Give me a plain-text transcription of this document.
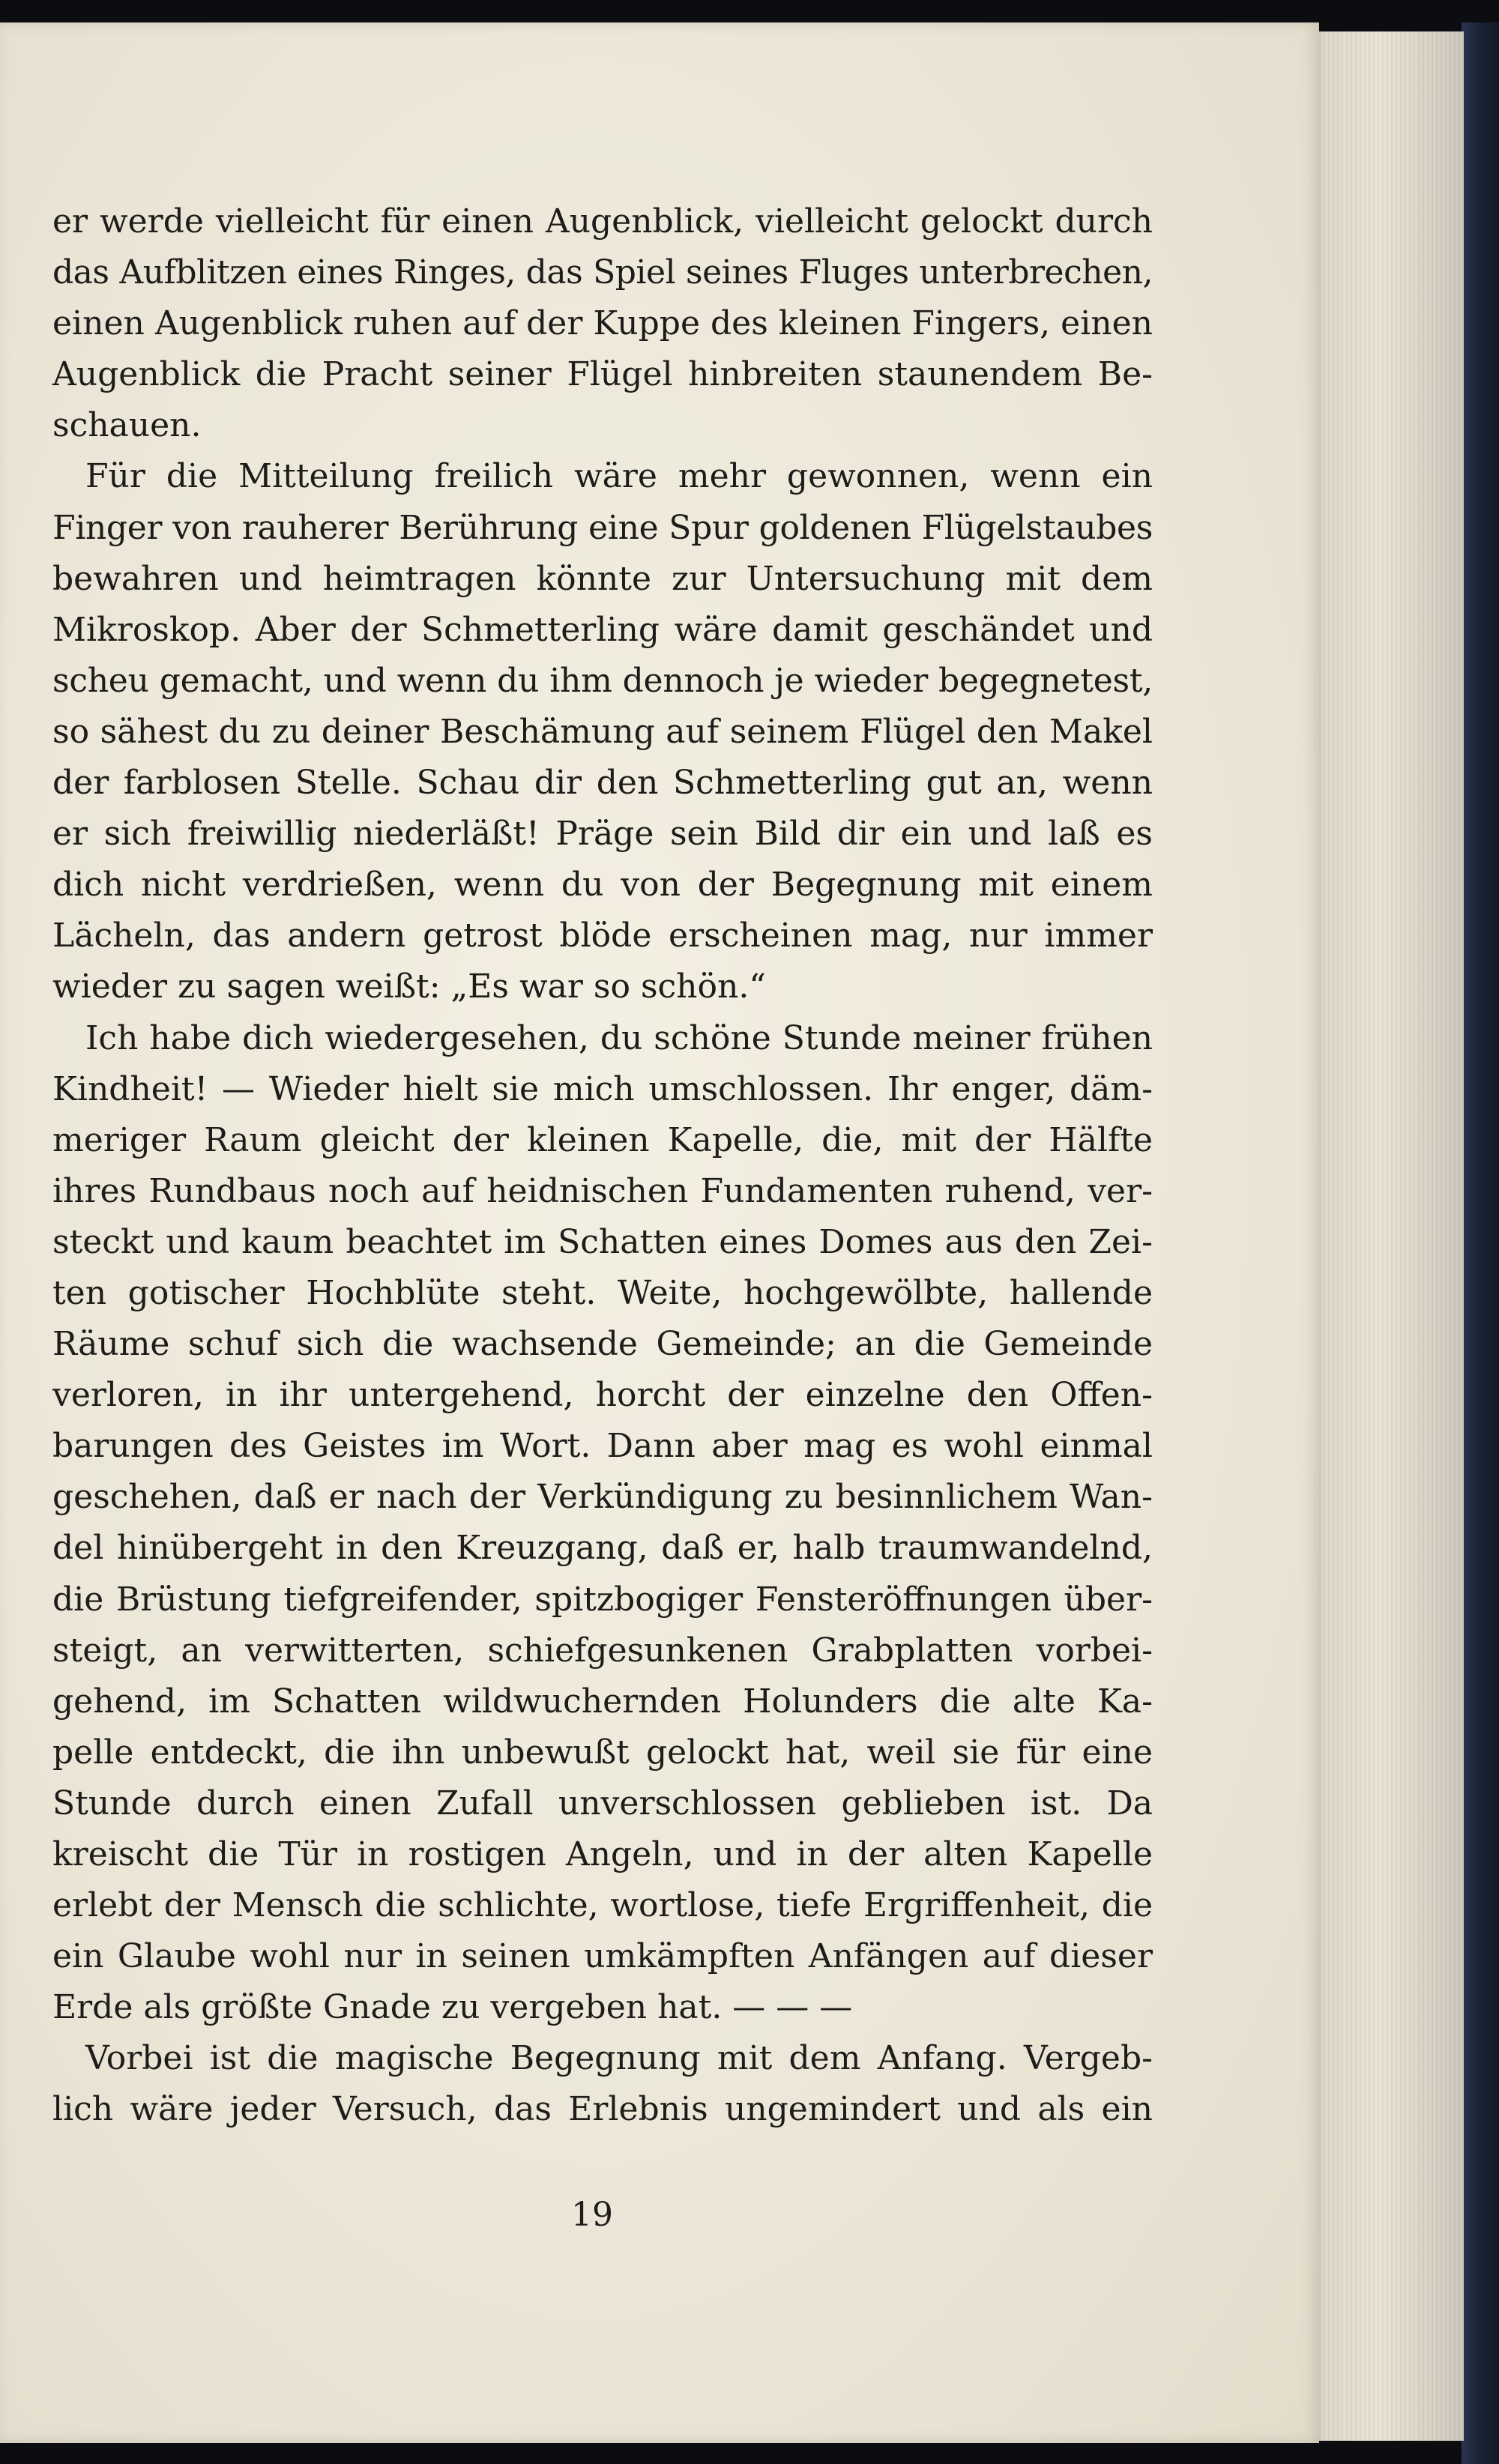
er werde vielleicht für einen Augenblick, vielleicht gelockt durch
das Aufblitzen eines Ringes, das Spiel seines Fluges unterbrechen,
einen Augenblick ruhen auf der Kuppe des kleinen Fingers, einen
Augenblick die Pracht seiner Flügel hinbreiten staunendem Be-
schauen.
Für die Mitteilung freilich wäre mehr gewonnen, wenn ein
Finger von rauherer Berührung eine Spur goldenen Flügelstaubes
bewahren und heimtragen könnte zur Untersuchung mit dem
Mikroskop. Aber der Schmetterling wäre damit geschändet und
scheu gemacht, und wenn du ihm dennoch je wieder begegnetest,
so sähest du zu deiner Beschämung auf seinem Flügel den Makel
der farblosen Stelle. Schau dir den Schmetterling gut an, wenn
er sich freiwillig niederläßt! Präge sein Bild dir ein und laß es
dich nicht verdrießen, wenn du von der Begegnung mit einem
Lächeln, das andern getrost blöde erscheinen mag, nur immer
wieder zu sagen weißt: „Es war so schön.“
Ich habe dich wiedergesehen, du schöne Stunde meiner frühen
Kindheit! — Wieder hielt sie mich umschlossen. Ihr enger, däm-
meriger Raum gleicht der kleinen Kapelle, die, mit der Hälfte
ihres Rundbaus noch auf heidnischen Fundamenten ruhend, ver-
steckt und kaum beachtet im Schatten eines Domes aus den Zei-
ten gotischer Hochblüte steht. Weite, hochgewölbte, hallende
Räume schuf sich die wachsende Gemeinde; an die Gemeinde
verloren, in ihr untergehend, horcht der einzelne den Offen-
barungen des Geistes im Wort. Dann aber mag es wohl einmal
geschehen, daß er nach der Verkündigung zu besinnlichem Wan-
del hinübergeht in den Kreuzgang, daß er, halb traumwandelnd,
die Brüstung tiefgreifender, spitzbogiger Fensteröffnungen über-
steigt, an verwitterten, schiefgesunkenen Grabplatten vorbei-
gehend, im Schatten wildwuchernden Holunders die alte Ka-
pelle entdeckt, die ihn unbewußt gelockt hat, weil sie für eine
Stunde durch einen Zufall unverschlossen geblieben ist. Da
kreischt die Tür in rostigen Angeln, und in der alten Kapelle
erlebt der Mensch die schlichte, wortlose, tiefe Ergriffenheit, die
ein Glaube wohl nur in seinen umkämpften Anfängen auf dieser
Erde als größte Gnade zu vergeben hat. — — —
Vorbei ist die magische Begegnung mit dem Anfang. Vergeb-
lich wäre jeder Versuch, das Erlebnis ungemindert und als ein
19
